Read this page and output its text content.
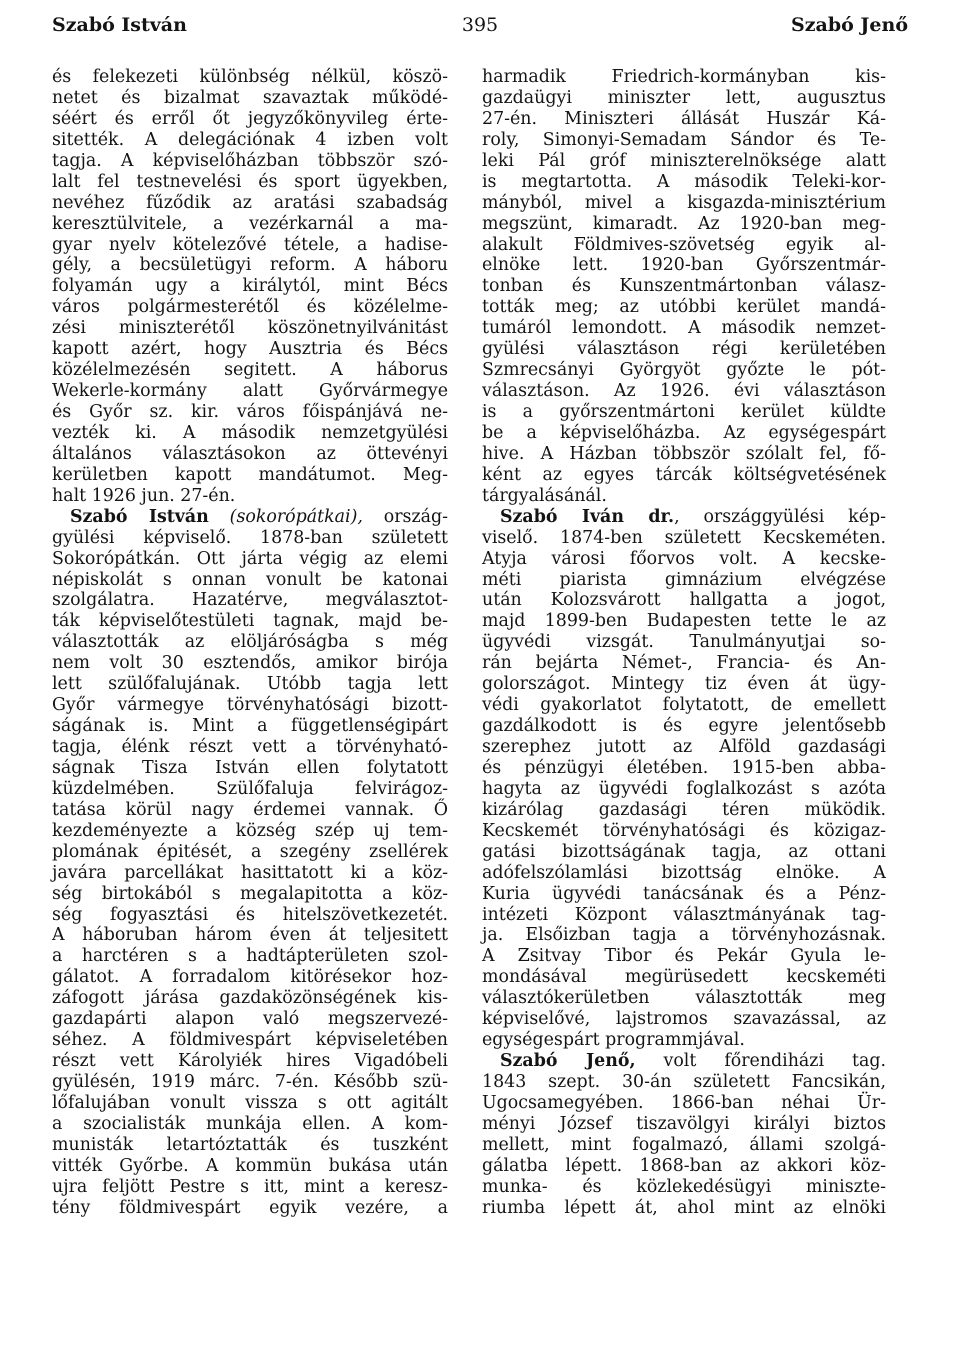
Szabó István	395	Szabó Jenő
és felekezeti különbség nélkül, köszö-
netet és bizalmat szavaztak működé-
séért és erről őt jegyzőkönyvileg érte-
sitették. A delegációnak 4 izben volt
tagja. A képviselőházban többször szó-
lalt fel testnevelési és sport ügyekben,
nevéhez fűződik az aratási szabadság
keresztülvitele, a vezérkarnál a ma-
gyar nyelv kötelezővé tétele, a hadise-
gély, a becsületügyi reform. A háboru
folyamán ugy a királytól, mint Bécs
város polgármesterétől és közélelme-
zési miniszterétől köszönetnyilvánitást
kapott azért, hogy Ausztria és Bécs
közélelmezésén segitett. A háborus
Wekerle-kormány alatt Győrvármegye
és Győr sz. kir. város főispánjává ne-
vezték ki. A második nemzetgyülési
általános választásokon az öttevényi
kerületben kapott mandátumot. Meg-
halt 1926 jun. 27-én.
Szabó István (sokorópátkai), ország-
gyülési képviselő. 1878-ban született
Sokorópátkán. Ott járta végig az elemi
népiskolát s onnan vonult be katonai
szolgálatra. Hazatérve, megválasztot-
ták képviselőtestületi tagnak, majd be-
választották az elöljáróságba s még
nem volt 30 esztendős, amikor birója
lett szülőfalujának. Utóbb tagja lett
Győr vármegye törvényhatósági bizott-
ságának is. Mint a függetlenségipárt
tagja, élénk részt vett a törvényható-
ságnak Tisza István ellen folytatott
küzdelmében. Szülőfaluja felvirágoz-
tatása körül nagy érdemei vannak. Ő
kezdeményezte a község szép uj tem-
plomának épitését, a szegény zsellérek
javára parcellákat hasittatott ki a köz-
ség birtokából s megalapitotta a köz-
ség fogyasztási és hitelszövetkezetét.
A háboruban három éven át teljesitett
a harctéren s a hadtápterületen szol-
gálatot. A forradalom kitörésekor hoz-
záfogott járása gazdaközönségének kis-
gazdapárti alapon való megszervezé-
séhez. A földmivespárt képviseletében
részt vett Károlyiék hires Vigadóbeli
gyülésén, 1919 márc. 7-én. Később szü-
lőfalujában vonult vissza s ott agitált
a szocialisták munkája ellen. A kom-
munisták letartóztatták és tuszként
vitték Győrbe. A kommün bukása után
ujra feljött Pestre s itt, mint a keresz-
tény földmivespárt egyik vezére, a
harmadik Friedrich-kormányban kis-
gazdaügyi miniszter lett, augusztus
27-én. Miniszteri állását Huszár Ká-
roly, Simonyi-Semadam Sándor és Te-
leki Pál gróf miniszterelnöksége alatt
is megtartotta. A második Teleki-kor-
mányból, mivel a kisgazda-minisztérium
megszünt, kimaradt. Az 1920-ban meg-
alakult Földmives-szövetség egyik al-
elnöke lett. 1920-ban Győrszentmár-
tonban és Kunszentmártonban válasz-
tották meg; az utóbbi kerület mandá-
tumáról lemondott. A második nemzet-
gyülési választáson régi kerületében
Szmrecsányi Györgyöt győzte le pót-
választáson. Az 1926. évi választáson
is a győrszentmártoni kerület küldte
be a képviselőházba. Az egységespárt
hive. A Házban többször szólalt fel, fő-
ként az egyes tárcák költségvetésének
tárgyalásánál.
Szabó Iván dr., országgyülési kép-
viselő. 1874-ben született Kecskeméten.
Atyja városi főorvos volt. A kecske-
méti piarista gimnázium elvégzése
után Kolozsvárott hallgatta a jogot,
majd 1899-ben Budapesten tette le az
ügyvédi vizsgát. Tanulmányutjai so-
rán bejárta Német-, Francia- és An-
golországot. Mintegy tiz éven át ügy-
védi gyakorlatot folytatott, de emellett
gazdálkodott is és egyre jelentősebb
szerephez jutott az Alföld gazdasági
és pénzügyi életében. 1915-ben abba-
hagyta az ügyvédi foglalkozást s azóta
kizárólag gazdasági téren müködik.
Kecskemét törvényhatósági és közigaz-
gatási bizottságának tagja, az ottani
adófelszólamlási bizottság elnöke. A
Kuria ügyvédi tanácsának és a Pénz-
intézeti Központ választmányának tag-
ja. Elsőizban tagja a törvényhozásnak.
A Zsitvay Tibor és Pekár Gyula le-
mondásával megürüsedett kecskeméti
választókerületben választották meg
képviselővé, lajstromos szavazással, az
egységespárt programmjával.
Szabó Jenő, volt főrendiházi tag.
1843 szept. 30-án született Fancsikán,
Ugocsamegyében. 1866-ban néhai Ür-
ményi József tiszavölgyi királyi biztos
mellett, mint fogalmazó, állami szolgá-
gálatba lépett. 1868-ban az akkori köz-
munka- és közlekedésügyi miniszte-
riumba lépett át, ahol mint az elnöki
